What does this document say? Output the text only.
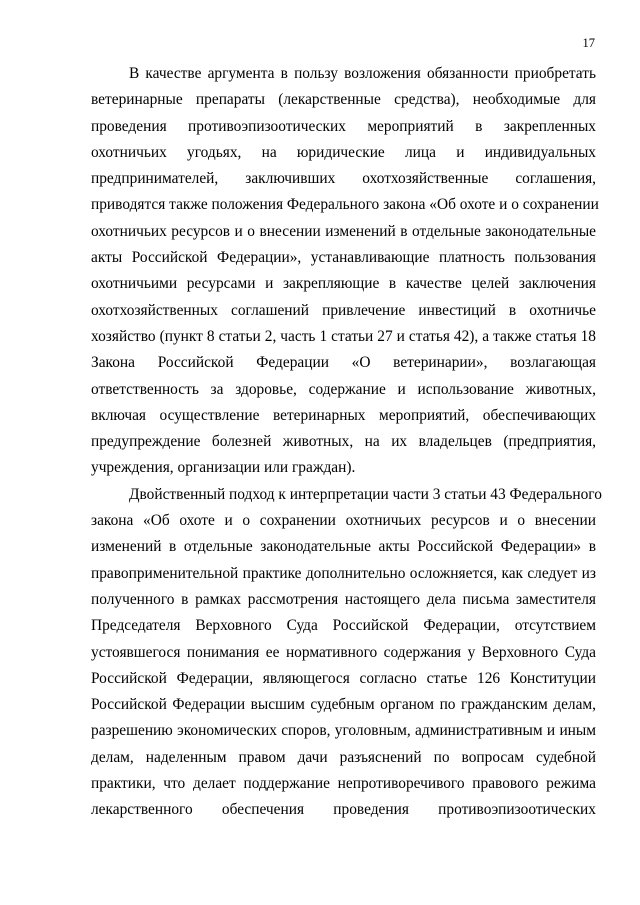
17
В качестве аргумента в пользу возложения обязанности приобретать
ветеринарные препараты (лекарственные средства), необходимые для
проведения противоэпизоотических мероприятий в закрепленных
охотничьих угодьях, на юридические лица и индивидуальных
предпринимателей, заключивших охотхозяйственные соглашения,
приводятся также положения Федерального закона «Об охоте и о сохранении
охотничьих ресурсов и о внесении изменений в отдельные законодательные
акты Российской Федерации», устанавливающие платность пользования
охотничьими ресурсами и закрепляющие в качестве целей заключения
охотхозяйственных соглашений привлечение инвестиций в охотничье
хозяйство (пункт 8 статьи 2, часть 1 статьи 27 и статья 42), а также статья 18
Закона Российской Федерации «О ветеринарии», возлагающая
ответственность за здоровье, содержание и использование животных,
включая осуществление ветеринарных мероприятий, обеспечивающих
предупреждение болезней животных, на их владельцев (предприятия,
учреждения, организации или граждан).
Двойственный подход к интерпретации части 3 статьи 43 Федерального
закона «Об охоте и о сохранении охотничьих ресурсов и о внесении
изменений в отдельные законодательные акты Российской Федерации» в
правоприменительной практике дополнительно осложняется, как следует из
полученного в рамках рассмотрения настоящего дела письма заместителя
Председателя Верховного Суда Российской Федерации, отсутствием
устоявшегося понимания ее нормативного содержания у Верховного Суда
Российской Федерации, являющегося согласно статье 126 Конституции
Российской Федерации высшим судебным органом по гражданским делам,
разрешению экономических споров, уголовным, административным и иным
делам, наделенным правом дачи разъяснений по вопросам судебной
практики, что делает поддержание непротиворечивого правового режима
лекарственного обеспечения проведения противоэпизоотических
